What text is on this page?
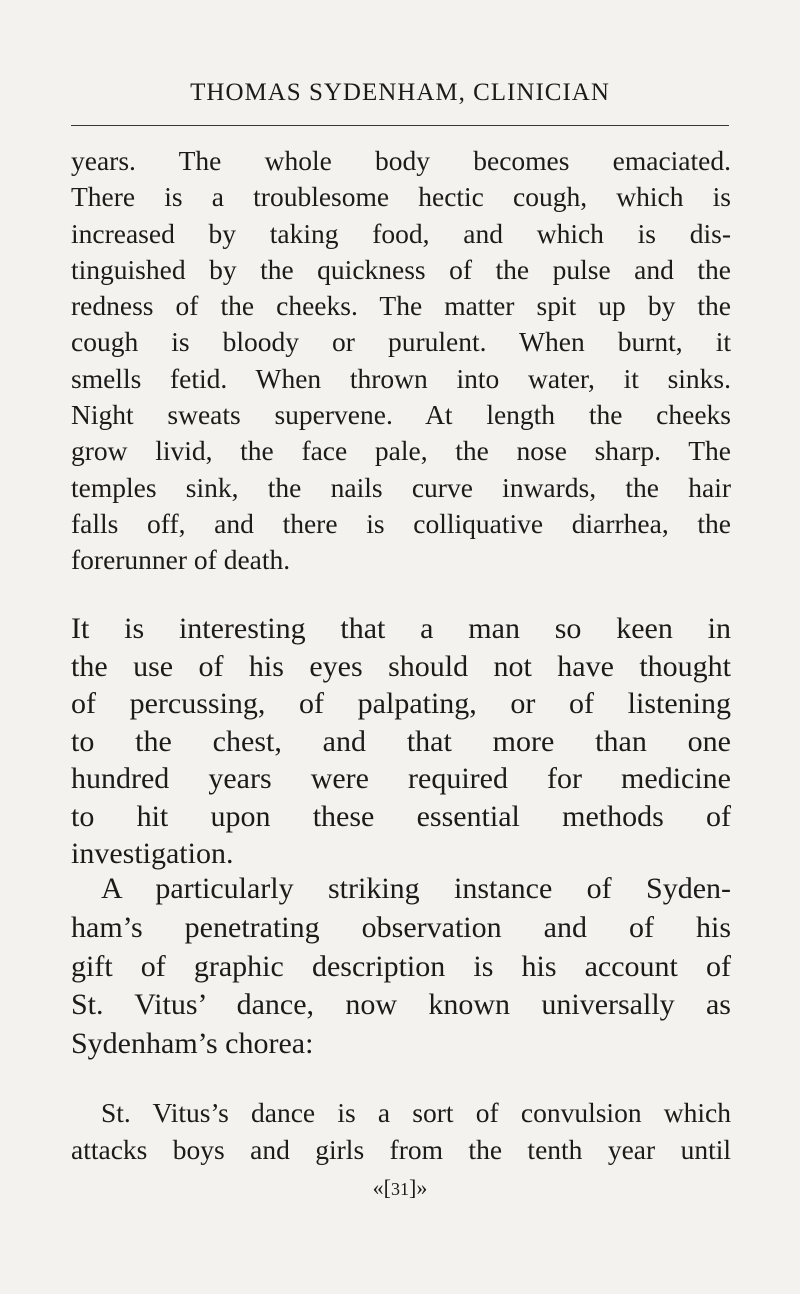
THOMAS SYDENHAM, CLINICIAN

years. The whole body becomes emaciated.
There is a troublesome hectic cough, which is
increased by taking food, and which is dis-
tinguished by the quickness of the pulse and the
redness of the cheeks. The matter spit up by the
cough is bloody or purulent. When burnt, it
smells fetid. When thrown into water, it sinks.
Night sweats supervene. At length the cheeks
grow livid, the face pale, the nose sharp. The
temples sink, the nails curve inwards, the hair
falls off, and there is colliquative diarrhea, the
forerunner of death.

It is interesting that a man so keen in
the use of his eyes should not have thought
of percussing, of palpating, or of listening
to the chest, and that more than one
hundred years were required for medicine
to hit upon these essential methods of
investigation.

A particularly striking instance of Syden-
ham’s penetrating observation and of his
gift of graphic description is his account of
St. Vitus’ dance, now known universally as
Sydenham’s chorea:

St. Vitus’s dance is a sort of convulsion which
attacks boys and girls from the tenth year until

«[31]»
